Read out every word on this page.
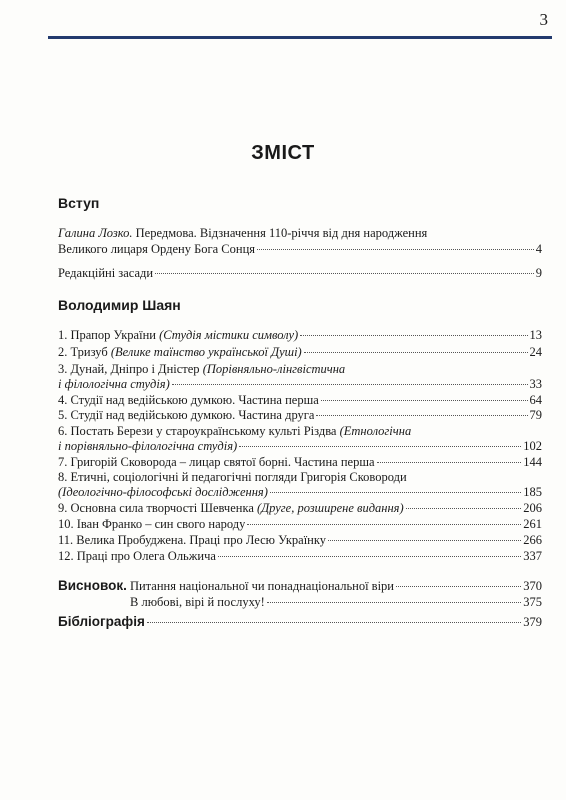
3
ЗМІСТ
Вступ
Галина Лозко. Передмова. Відзначення 110-річчя від дня народження
Великого лицаря Ордену Бога Сонця	4
Редакційні засади	9
Володимир Шаян
1. Прапор України (Студія містики символу)	13
2. Тризуб (Велике таїнство української Душі)	24
3. Дунай, Дніпро і Дністер (Порівняльно-лінгвістична
і філологічна студія)	33
4. Студії над ведійською думкою. Частина перша	64
5. Студії над ведійською думкою. Частина друга	79
6. Постать Берези у староукраїнському культі Різдва (Етнологічна
і порівняльно-філологічна студія)	102
7. Григорій Сковорода – лицар святої борні. Частина перша	144
8. Етичні, соціологічні й педагогічні погляди Григорія Сковороди
(Ідеологічно-філософські дослідження)	185
9. Основна сила творчості Шевченка (Друге, розширене видання)	206
10. Іван Франко – син свого народу	261
11. Велика Пробуджена. Праці про Лесю Українку	266
12. Праці про Олега Ольжича	337
Висновок. Питання національної чи понаднаціональної віри	370
В любові, вірі й послуху!	375
Бібліографія	379
